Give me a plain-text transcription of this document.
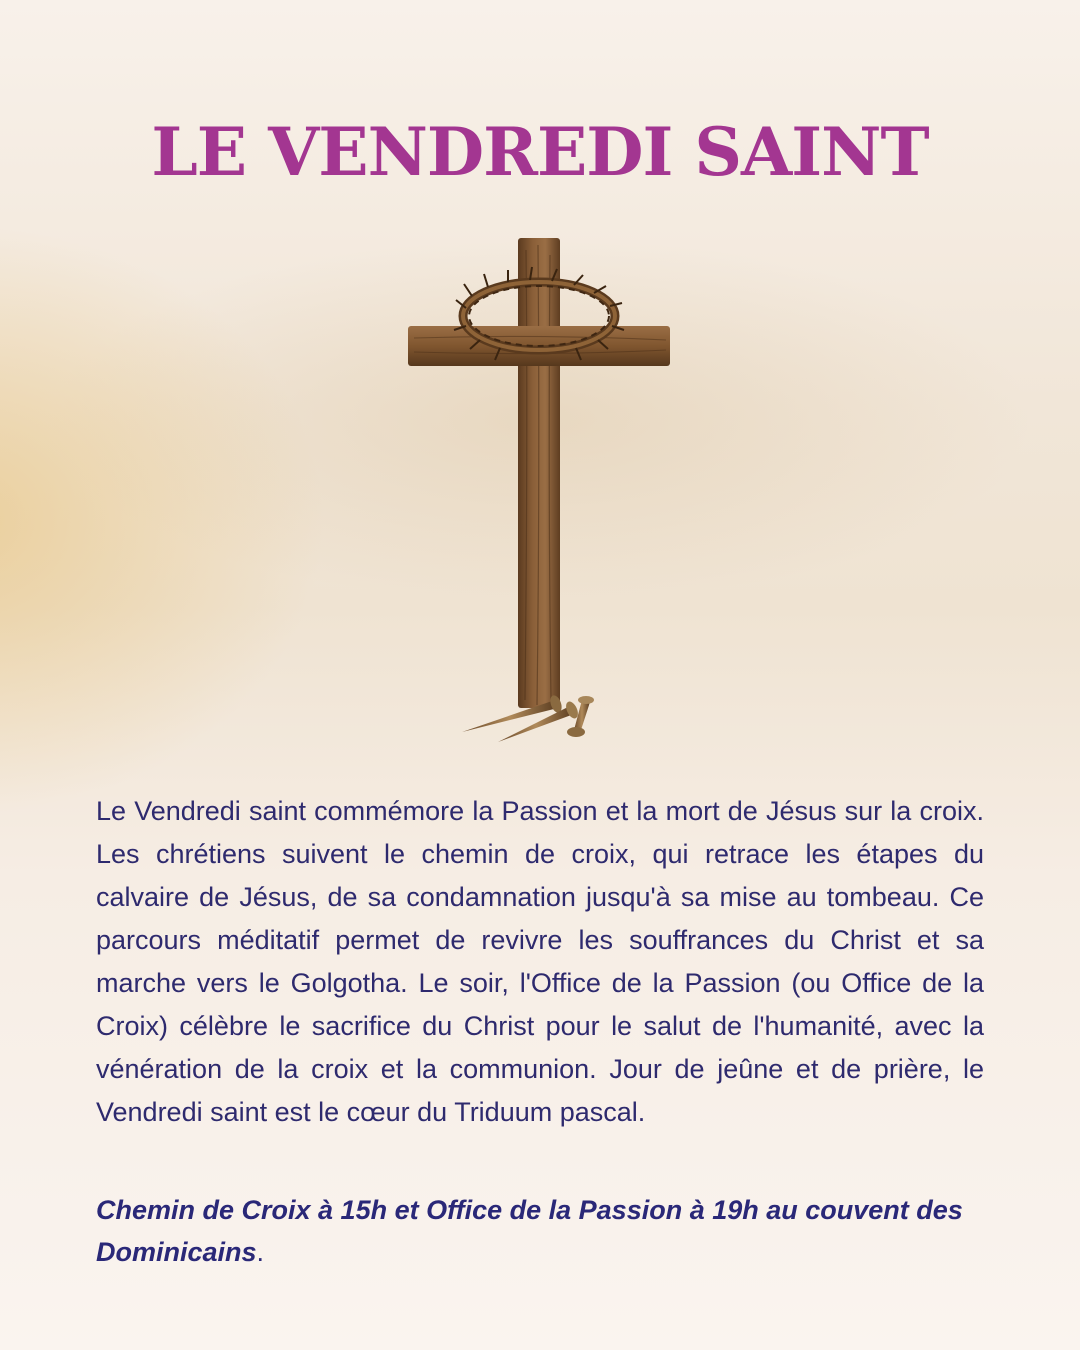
LE VENDREDI SAINT

Le Vendredi saint commémore la Passion et la mort de Jésus sur la croix. Les chrétiens suivent le chemin de croix, qui retrace les étapes du calvaire de Jésus, de sa condamnation jusqu'à sa mise au tombeau. Ce parcours méditatif permet de revivre les souffrances du Christ et sa marche vers le Golgotha. Le soir, l'Office de la Passion (ou Office de la Croix) célèbre le sacrifice du Christ pour le salut de l'humanité, avec la vénération de la croix et la communion. Jour de jeûne et de prière, le Vendredi saint est le cœur du Triduum pascal.

Chemin de Croix à 15h et Office de la Passion à 19h au couvent des Dominicains.
